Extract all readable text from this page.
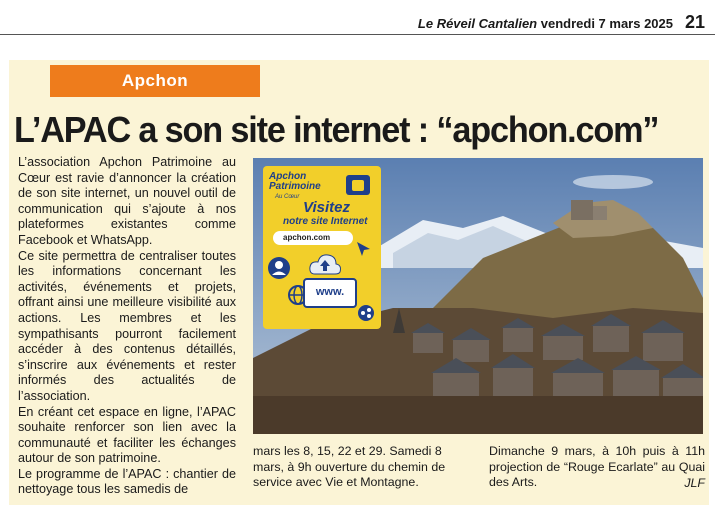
Le Réveil Cantalien vendredi 7 mars 2025 21
Apchon
L’APAC a son site internet : “apchon.com”

L’association Apchon Patrimoine au Cœur est ravie d’annoncer la création de son site internet, un nouvel outil de communication qui s’ajoute à nos plateformes existantes comme Facebook et WhatsApp.

Ce site permettra de centraliser toutes les informations concernant les activités, événements et projets, offrant ainsi une meilleure visibilité aux actions. Les membres et les sympathisants pourront facilement accéder à des contenus détaillés, s’inscrire aux événements et rester informés des actualités de l’association.

En créant cet espace en ligne, l’APAC souhaite renforcer son lien avec la communauté et faciliter les échanges autour de son patrimoine.

Le programme de l’APAC : chantier de nettoyage tous les samedis de

Apchon
Patrimoine
Au Cœur
Visitez
notre site Internet
apchon.com
www.
mars les 8, 15, 22 et 29. Samedi 8 mars, à 9h ouverture du chemin de service avec Vie et Montagne.
Dimanche 9 mars, à 10h puis à 11h projection de “Rouge Ecarlate” au Quai des Arts.	JLF
